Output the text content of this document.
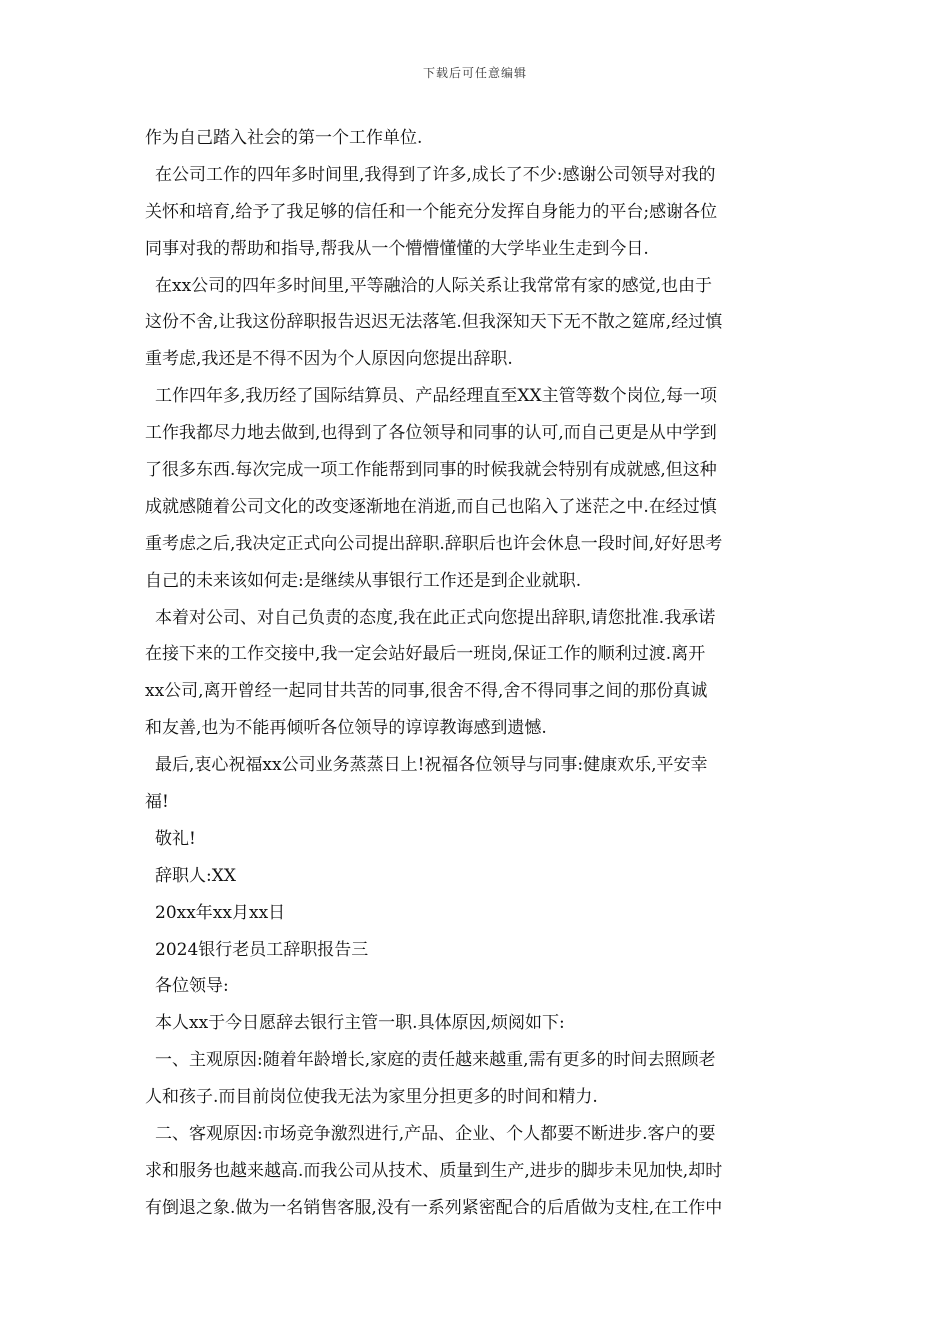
下载后可任意编辑
作为自己踏入社会的第一个工作单位.
在公司工作的四年多时间里,我得到了许多,成长了不少:感谢公司领导对我的
关怀和培育,给予了我足够的信任和一个能充分发挥自身能力的平台;感谢各位
同事对我的帮助和指导,帮我从一个懵懵懂懂的大学毕业生走到今日.
在xx公司的四年多时间里,平等融洽的人际关系让我常常有家的感觉,也由于
这份不舍,让我这份辞职报告迟迟无法落笔.但我深知天下无不散之筵席,经过慎
重考虑,我还是不得不因为个人原因向您提出辞职.
工作四年多,我历经了国际结算员、产品经理直至XX主管等数个岗位,每一项
工作我都尽力地去做到,也得到了各位领导和同事的认可,而自己更是从中学到
了很多东西.每次完成一项工作能帮到同事的时候我就会特别有成就感,但这种
成就感随着公司文化的改变逐渐地在消逝,而自己也陷入了迷茫之中.在经过慎
重考虑之后,我决定正式向公司提出辞职.辞职后也许会休息一段时间,好好思考
自己的未来该如何走:是继续从事银行工作还是到企业就职.
本着对公司、对自己负责的态度,我在此正式向您提出辞职,请您批准.我承诺
在接下来的工作交接中,我一定会站好最后一班岗,保证工作的顺利过渡.离开
xx公司,离开曾经一起同甘共苦的同事,很舍不得,舍不得同事之间的那份真诚
和友善,也为不能再倾听各位领导的谆谆教诲感到遗憾.
最后,衷心祝福xx公司业务蒸蒸日上!祝福各位领导与同事:健康欢乐,平安幸
福!
敬礼!
辞职人:XX
20xx年xx月xx日
2024银行老员工辞职报告三
各位领导:
本人xx于今日愿辞去银行主管一职.具体原因,烦阅如下:
一、主观原因:随着年龄增长,家庭的责任越来越重,需有更多的时间去照顾老
人和孩子.而目前岗位使我无法为家里分担更多的时间和精力.
二、客观原因:市场竞争激烈进行,产品、企业、个人都要不断进步.客户的要
求和服务也越来越高.而我公司从技术、质量到生产,进步的脚步未见加快,却时
有倒退之象.做为一名销售客服,没有一系列紧密配合的后盾做为支柱,在工作中
